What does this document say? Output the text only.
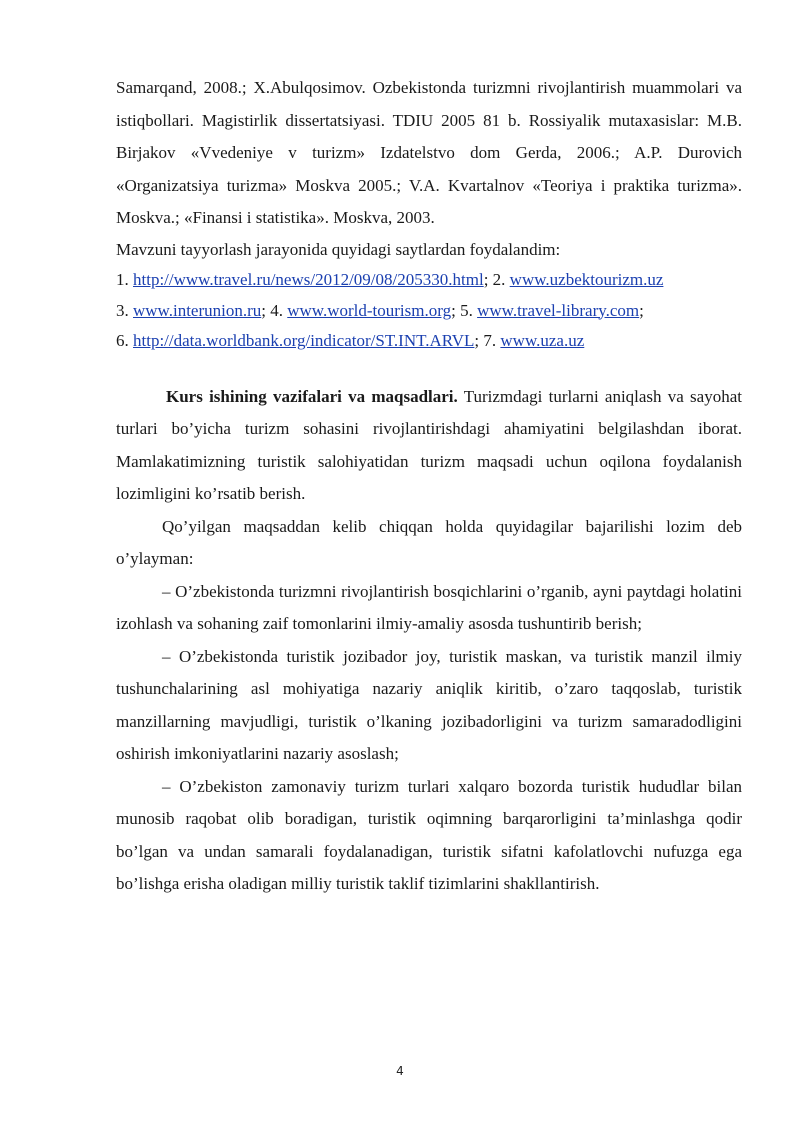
Samarqand, 2008.; X.Abulqosimov. Ozbekistonda turizmni rivojlantirish muammolari va istiqbollari. Magistirlik dissertatsiyasi. TDIU 2005 81 b. Rossiyalik mutaxasislar: M.B. Birjakov «Vvedeniye v turizm» Izdatelstvo dom Gerda, 2006.; A.P. Durovich «Organizatsiya turizma» Moskva 2005.; V.A. Kvartalnov «Teoriya i praktika turizma». Moskva.; «Finansi i statistika». Moskva, 2003.

Mavzuni tayyorlash jarayonida quyidagi saytlardan foydalandim:

1. http://www.travel.ru/news/2012/09/08/205330.html; 2. www.uzbektourizm.uz

3. www.interunion.ru; 4. www.world-tourism.org; 5. www.travel-library.com;

6. http://data.worldbank.org/indicator/ST.INT.ARVL; 7. www.uza.uz

Kurs ishining vazifalari va maqsadlari. Turizmdagi turlarni aniqlash va sayohat turlari bo’yicha turizm sohasini rivojlantirishdagi ahamiyatini belgilashdan iborat. Mamlakatimizning turistik salohiyatidan turizm maqsadi uchun oqilona foydalanish lozimligini ko’rsatib berish.

Qo’yilgan maqsaddan kelib chiqqan holda quyidagilar bajarilishi lozim deb o’ylayman:

– O’zbekistonda turizmni rivojlantirish bosqichlarini o’rganib, ayni paytdagi holatini izohlash va sohaning zaif tomonlarini ilmiy-amaliy asosda tushuntirib berish;

– O’zbekistonda turistik jozibador joy, turistik maskan, va turistik manzil ilmiy tushunchalarining asl mohiyatiga nazariy aniqlik kiritib, o’zaro taqqoslab, turistik manzillarning mavjudligi, turistik o’lkaning jozibadorligini va turizm samaradodligini oshirish imkoniyatlarini nazariy asoslash;

– O’zbekiston zamonaviy turizm turlari xalqaro bozorda turistik hududlar bilan munosib raqobat olib boradigan, turistik oqimning barqarorligini ta’minlashga qodir bo’lgan va undan samarali foydalanadigan, turistik sifatni kafolatlovchi nufuzga ega bo’lishga erisha oladigan milliy turistik taklif tizimlarini shakllantirish.

4
